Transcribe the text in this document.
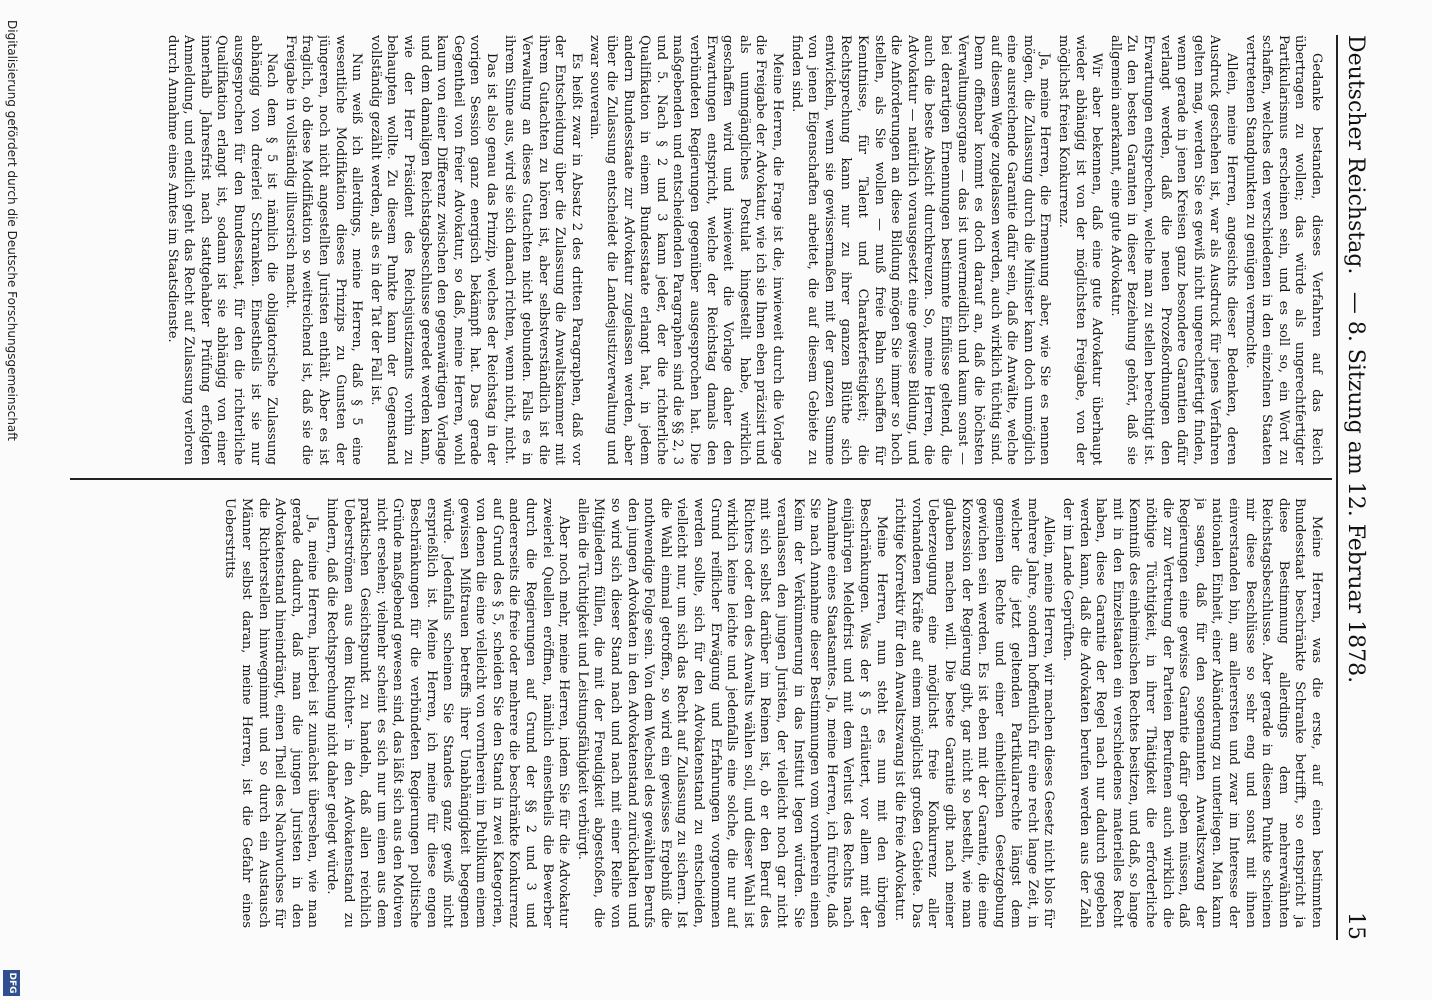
Deutscher Reichstag.
— 8. Sitzung am 12. Februar 1878.
15

Gedanke bestanden, dieses Verfahren auf das Reich übertragen zu wollen; das würde als ungerechtfertigter Partikularismus erscheinen sein, und es soll so, ein Wort zu schaffen, welches den verschiedenen in den einzelnen Staaten vertretenen Standpunkten zu genügen vermochte.

Allein, meine Herren, angesichts dieser Bedenken, deren Ausdruck geschehen ist, war als Ausdruck für jenes Verfahren gelten mag, werden Sie es gewiß nicht ungerechtfertigt finden, wenn gerade in jenen Kreisen ganz besondere Garantien dafür verlangt werden, daß die neuen Prozeßordnungen den Erwartungen entsprechen, welche man zu stellen berechtigt ist. Zu den besten Garanten in dieser Beziehung gehört, daß sie allgemein anerkannt, eine gute Advokatur.

Wir aber bekennen, daß eine gute Advokatur überhaupt wieder abhängig ist von der möglichsten Freigabe, von der möglichst freien Konkurrenz.

Ja, meine Herren, die Ernennung aber, wie Sie es nennen mögen, die Zulassung durch die Minister kann doch unmöglich eine ausreichende Garantie dafür sein, daß die Anwälte, welche auf diesem Wege zugelassen werden, auch wirklich tüchtig sind. Denn offenbar kommt es doch darauf an, daß die höchsten Verwaltungsorgane — das ist unvermeidlich und kaum sonst — bei derartigen Ernennungen bestimmte Einflüsse geltend, die auch die beste Absicht durchkreuzen. So, meine Herren, die Advokatur — natürlich vorausgesetzt eine gewisse Bildung, und die Anforderungen an diese Bildung mögen Sie immer so hoch stellen, als Sie wollen — muß freie Bahn schaffen für Kenntnisse, für Talent und Charakterfestigkeit; die Rechtsprechung kann nur zu ihrer ganzen Blüthe sich entwickeln, wenn sie gewissermaßen mit der ganzen Summe von jenen Eigenschaften arbeitet, die auf diesem Gebiete zu finden sind.

Meine Herren, die Frage ist die, inwieweit durch die Vorlage die Freigabe der Advokatur, wie ich sie Ihnen eben präzisirt und als unumgängliches Postulat hingestellt habe, wirklich geschaffen wird und inwieweit die Vorlage daher den Erwartungen entspricht, welche der Reichstag damals den verbündeten Regierungen gegenüber ausgesprochen hat. Die maßgebenden und entscheidenden Paragraphen sind die §§ 2, 3 und 5. Nach § 2 und 3 kann jeder, der die richterliche Qualifikation in einem Bundesstaate erlangt hat, in jedem andern Bundesstaate zur Advokatur zugelassen werden, aber über die Zulassung entscheidet die Landesjustizverwaltung und zwar souverain.

Es heißt zwar in Absatz 2 des dritten Paragraphen, daß vor der Entscheidung über die Zulassung die Anwaltskammer mit ihrem Gutachten zu hören ist, aber selbstverständlich ist die Verwaltung an dieses Gutachten nicht gebunden. Falls es in ihrem Sinne aus, wird sie sich danach richten, wenn nicht, nicht.

Das ist also genau das Prinzip, welches der Reichstag in der vorigen Session ganz energisch bekämpft hat. Das gerade Gegentheil von freier Advokatur, so daß, meine Herren, wohl kaum von einer Differenz zwischen den gegenwärtigen Vorlage und dem damaligen Reichstagsbeschlusse geredet werden kann, wie der Herr Präsident des Reichsjustizamts vorhin zu behaupten wollte. Zu diesem Punkte kann der Gegenstand vollständig gezählt werden, als es in der Tat der Fall ist.

Nun weiß ich allerdings, meine Herren, daß § 5 eine wesentliche Modifikation dieses Prinzips zu Gunsten der jüngeren, noch nicht angestellten Juristen enthält. Aber es ist fraglich, ob diese Modifikation so weitreichend ist, daß sie die Freigabe in vollständig illusorisch macht.

Nach dem § 5 ist nämlich die obligatorische Zulassung abhängig von dreierlei Schranken. Einestheils ist sie nur ausgesprochen für den Bundesstaat, für den die richterliche Qualifikation erlangt ist, sodann ist sie abhängig von einer innerhalb Jahresfrist nach stattgehabter Prüfung erfolgten Anmeldung, und endlich geht das Recht auf Zulassung verloren durch Annahme eines Amtes im Staatsdienste.

Meine Herren, was die erste, auf einen bestimmten Bundesstaat beschränkte Schranke betrifft, so entspricht ja diese Bestimmung allerdings dem mehrerwähnten Reichstagsbeschlusse. Aber gerade in diesem Punkte scheinen mir diese Beschlüsse so sehr eng und sonst mit ihnen einverstanden bin, am allerersten und zwar im Interesse der nationalen Einheit, einer Abänderung zu unterliegen. Man kann ja sagen, daß für den sogenannten Anwaltszwang der Regierungen eine gewisse Garantie dafür geben müssen, daß die zur Vertretung der Parteien Berufenen auch wirklich die nöthige Tüchtigkeit, in ihrer Thätigkeit die erforderliche Kenntniß des einheimischen Rechtes besitzen, und daß, so lange mit in den Einzelstaaten ein verschiedenes materielles Recht haben, diese Garantie der Regel nach nur dadurch gegeben werden kann, daß die Advokaten berufen werden aus der Zahl der im Lande Geprüften.

Allein, meine Herren, wir machen dieses Gesetz nicht blos für mehrere Jahre, sondern hoffentlich für eine recht lange Zeit, in welcher die jetzt geltenden Partikularrechte längst dem gemeinen Rechte und einer einheitlichen Gesetzgebung gewichen sein werden. Es ist eben mit der Garantie, die eine Konzession der Regierung gibt, gar nicht so bestellt, wie man glauben machen will. Die beste Garantie gibt nach meiner Ueberzeugung eine möglichst freie Konkurrenz aller vorhandenen Kräfte auf einem möglichst großen Gebiete. Das richtige Korrektiv für den Anwaltszwang ist die freie Advokatur.

Meine Herren, nun steht es nun mit den übrigen Beschränkungen. Was der § 5 erläutert, vor allem mit der einjährigen Meldefrist und mit dem Verlust des Rechts nach Annahme eines Staatsamtes. Ja, meine Herren, ich fürchte, daß Sie nach Annahme dieser Bestimmungen vom vornherein einen Keim der Verkümmerung in das Institut legen würden. Sie veranlassen den jungen Juristen, der vielleicht noch gar nicht mit sich selbst darüber im Reinen ist, ob er den Beruf des Richters oder den des Anwalts wählen soll, und dieser Wahl ist wirklich keine leichte und jedenfalls eine solche, die nur auf Grund reiflicher Erwägung und Erfahrungen vorgenommen werden sollte, sich für den Advokatenstand zu entscheiden, vielleicht nur, um sich das Recht auf Zulassung zu sichern. Ist die Wahl einmal getroffen, so wird ein gewisses Ergebniß die nothwendige Folge sein. Von dem Wechsel des gewählten Berufs den jungen Advokaten in den Advokatenstand zurückhalten und so wird sich dieser Stand nach und nach mit einer Reihe von Mitgliedern füllen, die mit der Freudigkeit abgestoßen, die allein die Tüchtigkeit und Leistungsfähigkeit verbürgt.

Aber noch mehr, meine Herren, indem Sie für die Advokatur zweierlei Quellen eröffnen, nämlich einestheils die Bewerber durch die Regierungen auf Grund der §§ 2 und 3 und andererseits die freie oder mehrere die beschränkte Konkurrenz auf Grund des § 5, scheiden Sie den Stand in zwei Kategorien, von denen die eine vielleicht von vornherein im Publikum einem gewissen Mißtrauen betreffs ihrer Unabhängigkeit begegnen würde. Jedenfalls scheinen Sie Standes ganz gewiß nicht ersprießlich ist. Meine Herren, ich meine für diese engen Beschränkungen für die verbündeten Regierungen politische Gründe maßgebend gewesen sind, das läßt sich aus den Motiven nicht ersehen; vielmehr scheint es sich nur um einen aus dem praktischen Gesichtspunkt zu handeln, daß allen reichlich Ueberströmen aus dem Richter- in den Advokatenstand zu hindern, daß die Rechtsprechung nicht daher gelegt würde.

Ja, meine Herren, hierbei ist zunächst übersehen, wie man gerade dadurch, daß man die jungen Juristen in den Advokatenstand hineindrängt, einen Theil des Nachwuchses für die Richterstellen hinwegnimmt und so durch ein Austausch Männer selbst daran, meine Herren, ist die Gefahr eines Ueberstritts

Digitalisierung gefördert durch die Deutsche Forschungsgemeinschaft
DFG
